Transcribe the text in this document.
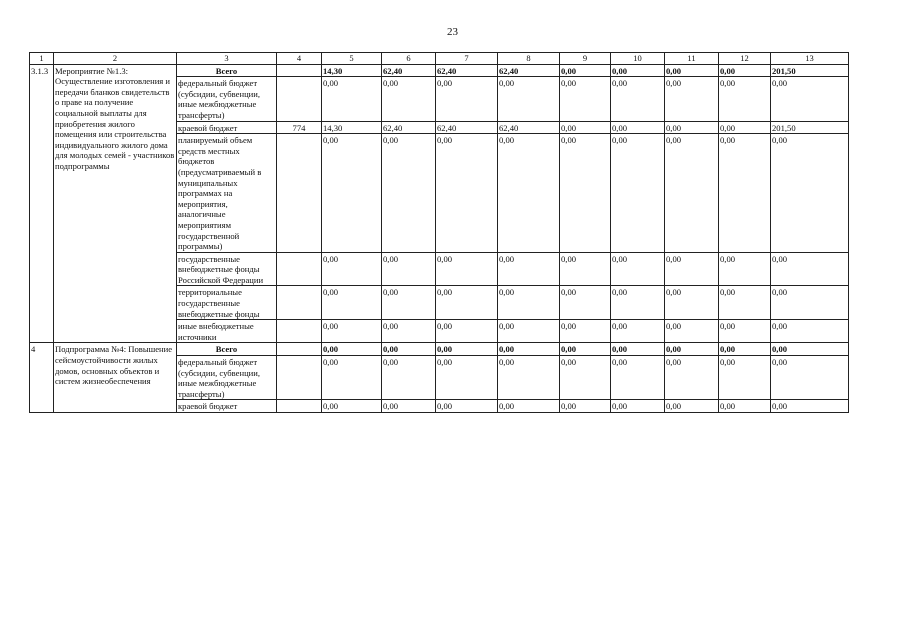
23
1	2	3	4	5	6	7	8	9	10	11	12	13
3.1.3	Мероприятие №1.3: Осуществление изготовления и передачи бланков свидетельств о праве на получение социальной выплаты для приобретения жилого помещения или строительства индивидуального жилого дома для молодых семей - участников подпрограммы	Всего		14,30	62,40	62,40	62,40	0,00	0,00	0,00	0,00	201,50
		федеральный бюджет (субсидии, субвенции, иные межбюджетные трансферты)		0,00	0,00	0,00	0,00	0,00	0,00	0,00	0,00	0,00
		краевой бюджет	774	14,30	62,40	62,40	62,40	0,00	0,00	0,00	0,00	201,50
		планируемый объем средств местных бюджетов (предусматриваемый в муниципальных программах на мероприятия, аналогичные мероприятиям государственной программы)		0,00	0,00	0,00	0,00	0,00	0,00	0,00	0,00	0,00
		государственные внебюджетные фонды Российской Федерации		0,00	0,00	0,00	0,00	0,00	0,00	0,00	0,00	0,00
		территориальные государственные внебюджетные фонды		0,00	0,00	0,00	0,00	0,00	0,00	0,00	0,00	0,00
		иные внебюджетные источники		0,00	0,00	0,00	0,00	0,00	0,00	0,00	0,00	0,00
4	Подпрограмма №4: Повышение сейсмоустойчивости жилых домов, основных объектов и систем жизнеобеспечения	Всего		0,00	0,00	0,00	0,00	0,00	0,00	0,00	0,00	0,00
		федеральный бюджет (субсидии, субвенции, иные межбюджетные трансферты)		0,00	0,00	0,00	0,00	0,00	0,00	0,00	0,00	0,00
		краевой бюджет		0,00	0,00	0,00	0,00	0,00	0,00	0,00	0,00	0,00
